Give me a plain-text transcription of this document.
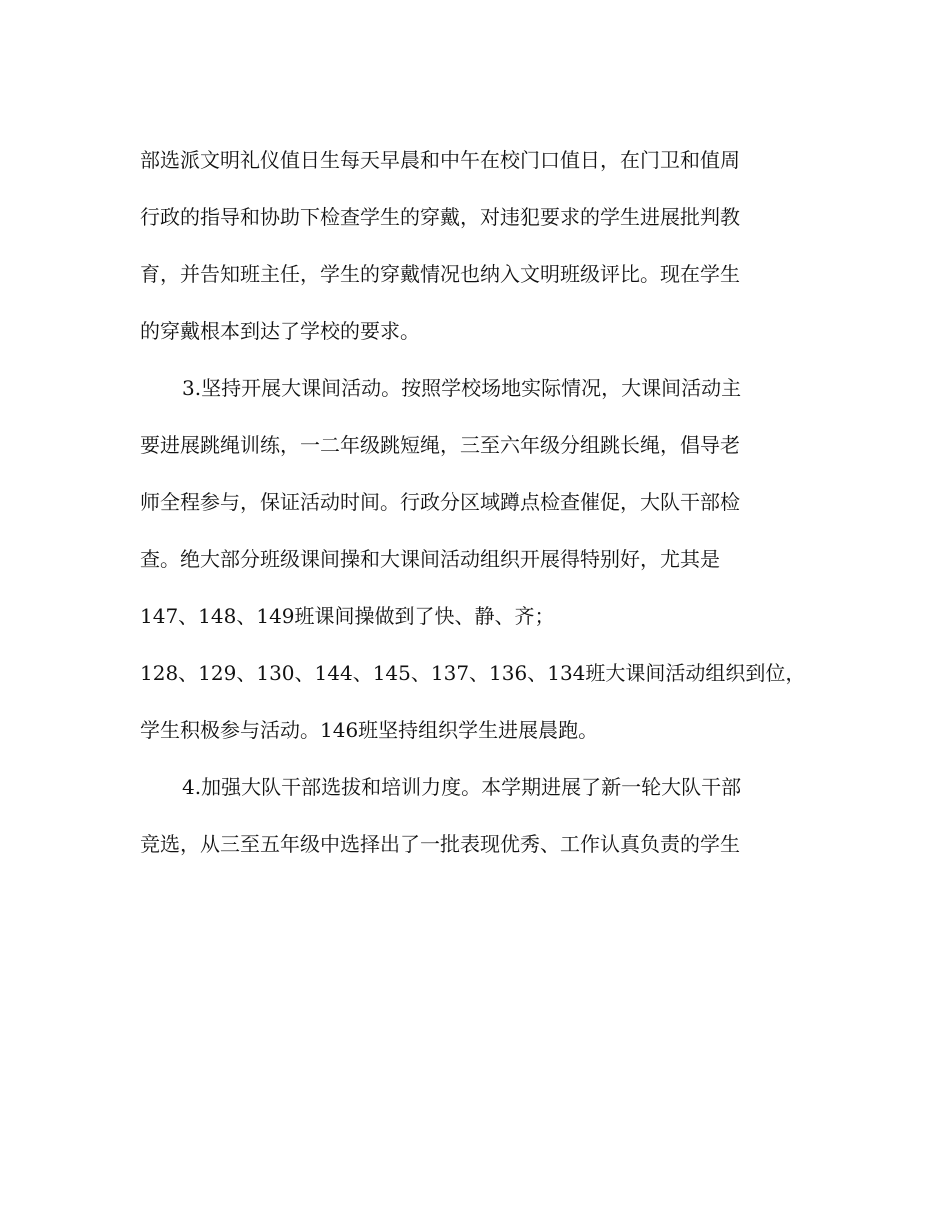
部选派文明礼仪值日生每天早晨和中午在校门口值日，在门卫和值周
行政的指导和协助下检查学生的穿戴，对违犯要求的学生进展批判教
育，并告知班主任，学生的穿戴情况也纳入文明班级评比。现在学生
的穿戴根本到达了学校的要求。
3.坚持开展大课间活动。按照学校场地实际情况，大课间活动主
要进展跳绳训练，一二年级跳短绳，三至六年级分组跳长绳，倡导老
师全程参与，保证活动时间。行政分区域蹲点检查催促，大队干部检
查。绝大部分班级课间操和大课间活动组织开展得特别好，尤其是
147、148、149班课间操做到了快、静、齐；
128、129、130、144、145、137、136、134班大课间活动组织到位，
学生积极参与活动。146班坚持组织学生进展晨跑。
4.加强大队干部选拔和培训力度。本学期进展了新一轮大队干部
竞选，从三至五年级中选择出了一批表现优秀、工作认真负责的学生
